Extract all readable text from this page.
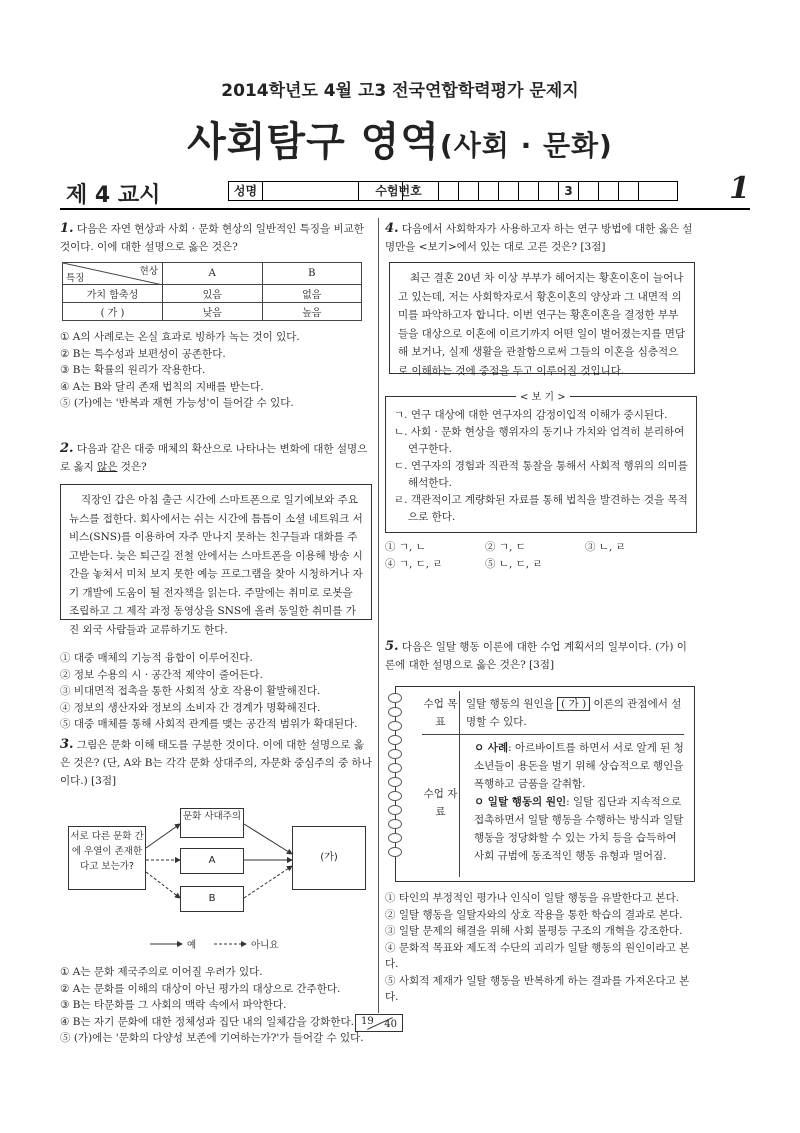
2014학년도 4월 고3 전국연합학력평가 문제지
사회탐구 영역(사회 · 문화)
제 4 교시	성명	수험번호	3	1
1. 다음은 자연 현상과 사회 · 문화 현상의 일반적인 특징을 비교한 것이다. 이에 대한 설명으로 옳은 것은?
현상
특징	A	B
가치 함축성	있음	없음
( 가 )	낮음	높음
① A의 사례로는 온실 효과로 빙하가 녹는 것이 있다.
② B는 특수성과 보편성이 공존한다.
③ B는 확률의 원리가 작용한다.
④ A는 B와 달리 존재 법칙의 지배를 받는다.
⑤ (가)에는 '반복과 재현 가능성'이 들어갈 수 있다.
2. 다음과 같은 대중 매체의 확산으로 나타나는 변화에 대한 설명으로 옳지 않은 것은?
직장인 갑은 아침 출근 시간에 스마트폰으로 일기예보와 주요 뉴스를 접한다. 회사에서는 쉬는 시간에 틈틈이 소셜 네트워크 서비스(SNS)를 이용하여 자주 만나지 못하는 친구들과 대화를 주고받는다. 늦은 퇴근길 전철 안에서는 스마트폰을 이용해 방송 시간을 놓쳐서 미처 보지 못한 예능 프로그램을 찾아 시청하거나 자기 개발에 도움이 될 전자책을 읽는다. 주말에는 취미로 로봇을 조립하고 그 제작 과정 동영상을 SNS에 올려 동일한 취미를 가진 외국 사람들과 교류하기도 한다.
① 대중 매체의 기능적 융합이 이루어진다.
② 정보 수용의 시 · 공간적 제약이 줄어든다.
③ 비대면적 접촉을 통한 사회적 상호 작용이 활발해진다.
④ 정보의 생산자와 정보의 소비자 간 경계가 명확해진다.
⑤ 대중 매체를 통해 사회적 관계를 맺는 공간적 범위가 확대된다.
3. 그림은 문화 이해 태도를 구분한 것이다. 이에 대한 설명으로 옳은 것은? (단, A와 B는 각각 문화 상대주의, 자문화 중심주의 중 하나이다.) [3점]
서로 다른 문화 간에 우열이 존재한다고 보는가?
문화 사대주의
A
B
(가)
예	아니요
① A는 문화 제국주의로 이어질 우려가 있다.
② A는 문화를 이해의 대상이 아닌 평가의 대상으로 간주한다.
③ B는 타문화를 그 사회의 맥락 속에서 파악한다.
④ B는 자기 문화에 대한 정체성과 집단 내의 일체감을 강화한다.
⑤ (가)에는 '문화의 다양성 보존에 기여하는가?'가 들어갈 수 있다.
4. 다음에서 사회학자가 사용하고자 하는 연구 방법에 대한 옳은 설명만을 <보기>에서 있는 대로 고른 것은? [3점]
최근 결혼 20년 차 이상 부부가 헤어지는 황혼이혼이 늘어나고 있는데, 저는 사회학자로서 황혼이혼의 양상과 그 내면적 의미를 파악하고자 합니다. 이번 연구는 황혼이혼을 결정한 부부들을 대상으로 이혼에 이르기까지 어떤 일이 벌어졌는지를 면담해 보거나, 실제 생활을 관찰함으로써 그들의 이혼을 심층적으로 이해하는 것에 중점을 두고 이루어질 것입니다.
< 보 기 >
ㄱ. 연구 대상에 대한 연구자의 감정이입적 이해가 중시된다.
ㄴ. 사회 · 문화 현상을 행위자의 동기나 가치와 엄격히 분리하여 연구한다.
ㄷ. 연구자의 경험과 직관적 통찰을 통해서 사회적 행위의 의미를 해석한다.
ㄹ. 객관적이고 계량화된 자료를 통해 법칙을 발견하는 것을 목적으로 한다.
① ㄱ, ㄴ	② ㄱ, ㄷ	③ ㄴ, ㄹ
④ ㄱ, ㄷ, ㄹ	⑤ ㄴ, ㄷ, ㄹ
5. 다음은 일탈 행동 이론에 대한 수업 계획서의 일부이다. (가) 이론에 대한 설명으로 옳은 것은? [3점]
수업 목표
일탈 행동의 원인을 ( 가 ) 이론의 관점에서 설명할 수 있다.
수업 자료
ㅇ 사례: 아르바이트를 하면서 서로 알게 된 청소년들이 용돈을 벌기 위해 상습적으로 행인을 폭행하고 금품을 갈취함.
ㅇ 일탈 행동의 원인: 일탈 집단과 지속적으로 접촉하면서 일탈 행동을 수행하는 방식과 일탈 행동을 정당화할 수 있는 가치 등을 습득하여 사회 규범에 동조적인 행동 유형과 멀어짐.
① 타인의 부정적인 평가나 인식이 일탈 행동을 유발한다고 본다.
② 일탈 행동을 일탈자와의 상호 작용을 통한 학습의 결과로 본다.
③ 일탈 문제의 해결을 위해 사회 불평등 구조의 개혁을 강조한다.
④ 문화적 목표와 제도적 수단의 괴리가 일탈 행동의 원인이라고 본다.
⑤ 사회적 제재가 일탈 행동을 반복하게 하는 결과를 가져온다고 본다.
19 40
